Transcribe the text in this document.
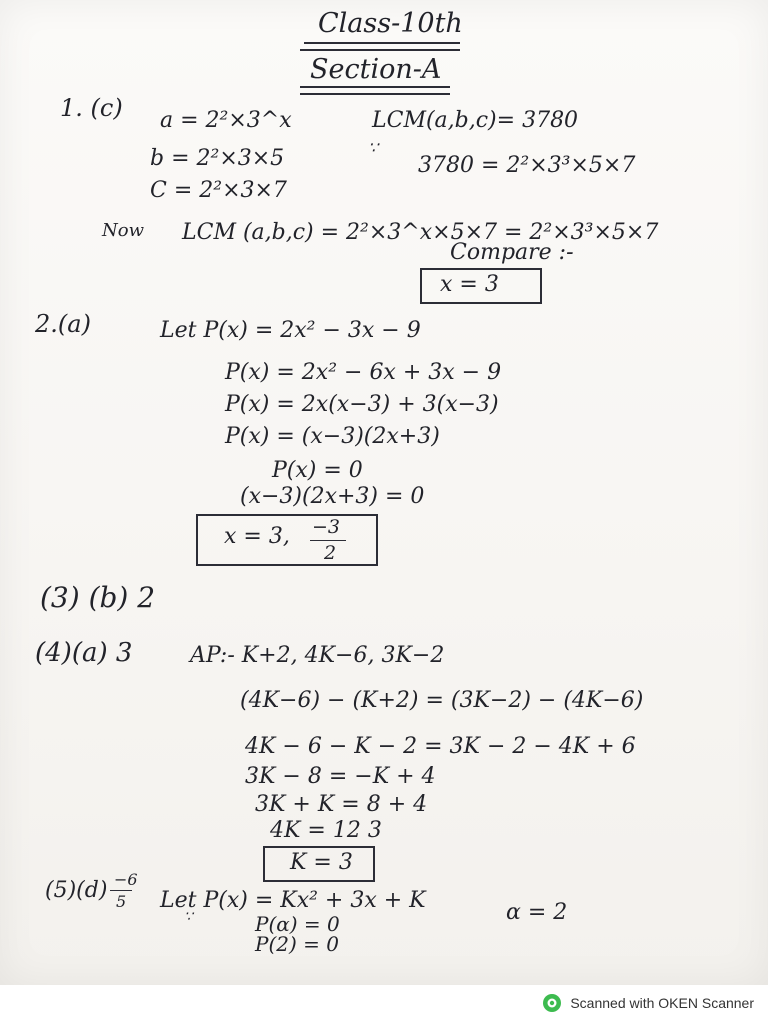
Class-10th
Section-A
1. (c) a = 2²×3^x
b = 2²×3×5
C = 2²×3×7
LCM(a,b,c)= 3780
∵
3780 = 2²×3³×5×7
Now LCM (a,b,c) = 2²×3^x×5×7 = 2²×3³×5×7
Compare :-
x = 3
2.(a)	Let P(x) = 2x² − 3x − 9
P(x) = 2x² − 6x + 3x − 9
P(x) = 2x(x−3) + 3(x−3)
P(x) = (x−3)(2x+3)
P(x) = 0
(x−3)(2x+3) = 0
x = 3, −3
2
(3) (b) 2
(4)(a) 3	AP:- K+2, 4K−6, 3K−2
(4K−6) − (K+2) = (3K−2) − (4K−6)
4K − 6 − K − 2 = 3K − 2 − 4K + 6
3K − 8 = −K + 4
3K + K = 8 + 4
4K = 12 3
K = 3
(5)(d) −6
5 Let P(x) = Kx² + 3x + K	α = 2
∵	P(α) = 0
P(2) = 0
Scanned with OKEN Scanner
